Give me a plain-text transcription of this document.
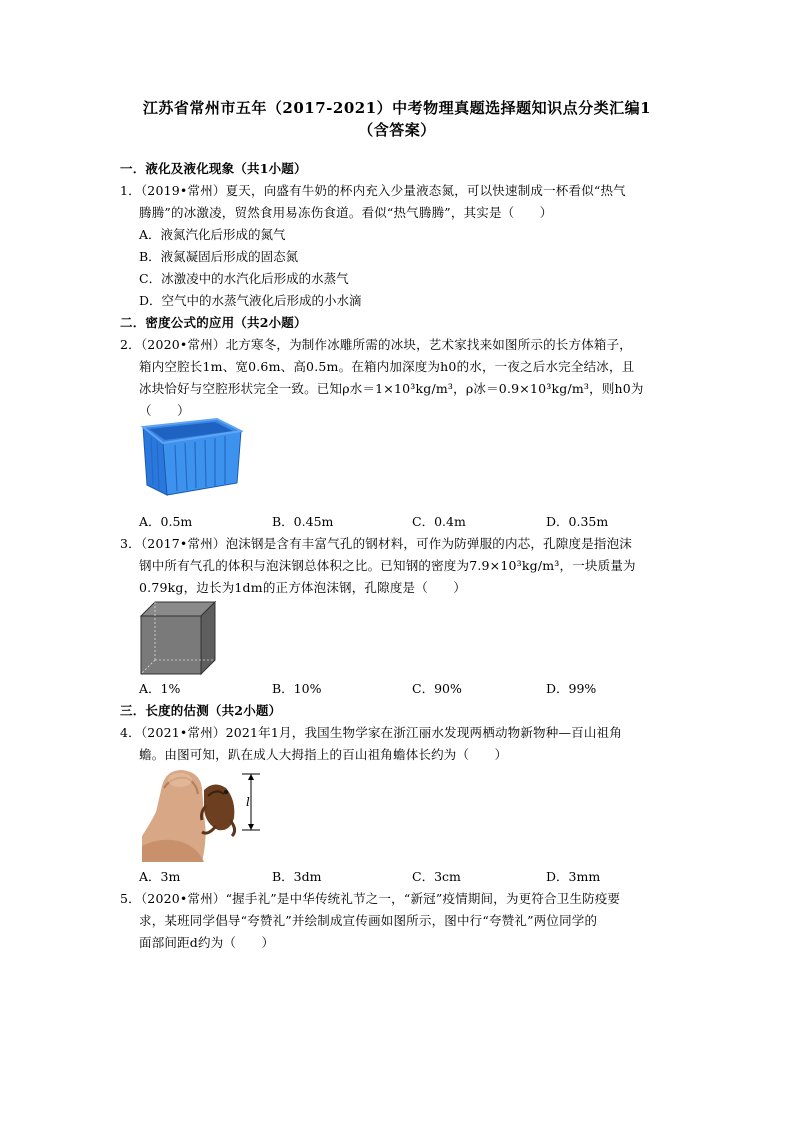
江苏省常州市五年（2017-2021）中考物理真题选择题知识点分类汇编1
（含答案）
一．液化及液化现象（共1小题）
1．（2019•常州）夏天，向盛有牛奶的杯内充入少量液态氮，可以快速制成一杯看似“热气
腾腾”的冰激凌，贸然食用易冻伤食道。看似“热气腾腾”，其实是（　　）
A．液氮汽化后形成的氮气
B．液氮凝固后形成的固态氮
C．冰激凌中的水汽化后形成的水蒸气
D．空气中的水蒸气液化后形成的小水滴
二．密度公式的应用（共2小题）
2．（2020•常州）北方寒冬，为制作冰雕所需的冰块，艺术家找来如图所示的长方体箱子，
箱内空腔长1m、宽0.6m、高0.5m。在箱内加深度为h0的水，一夜之后水完全结冰，且
冰块恰好与空腔形状完全一致。已知ρ水＝1×10³kg/m³，ρ冰＝0.9×10³kg/m³，则h0为
（　　）
A．0.5m	B．0.45m	C．0.4m	D．0.35m
3．（2017•常州）泡沫钢是含有丰富气孔的钢材料，可作为防弹服的内芯，孔隙度是指泡沫
钢中所有气孔的体积与泡沫钢总体积之比。已知钢的密度为7.9×10³kg/m³，一块质量为
0.79kg，边长为1dm的正方体泡沫钢，孔隙度是（　　）
A．1%	B．10%	C．90%	D．99%
三．长度的估测（共2小题）
4．（2021•常州）2021年1月，我国生物学家在浙江丽水发现两栖动物新物种—百山祖角
蟾。由图可知，趴在成人大拇指上的百山祖角蟾体长约为（　　）
l
A．3m	B．3dm	C．3cm	D．3mm
5．（2020•常州）“握手礼”是中华传统礼节之一，“新冠”疫情期间，为更符合卫生防疫要
求，某班同学倡导“夸赞礼”并绘制成宣传画如图所示，图中行“夸赞礼”两位同学的
面部间距d约为（　　）
